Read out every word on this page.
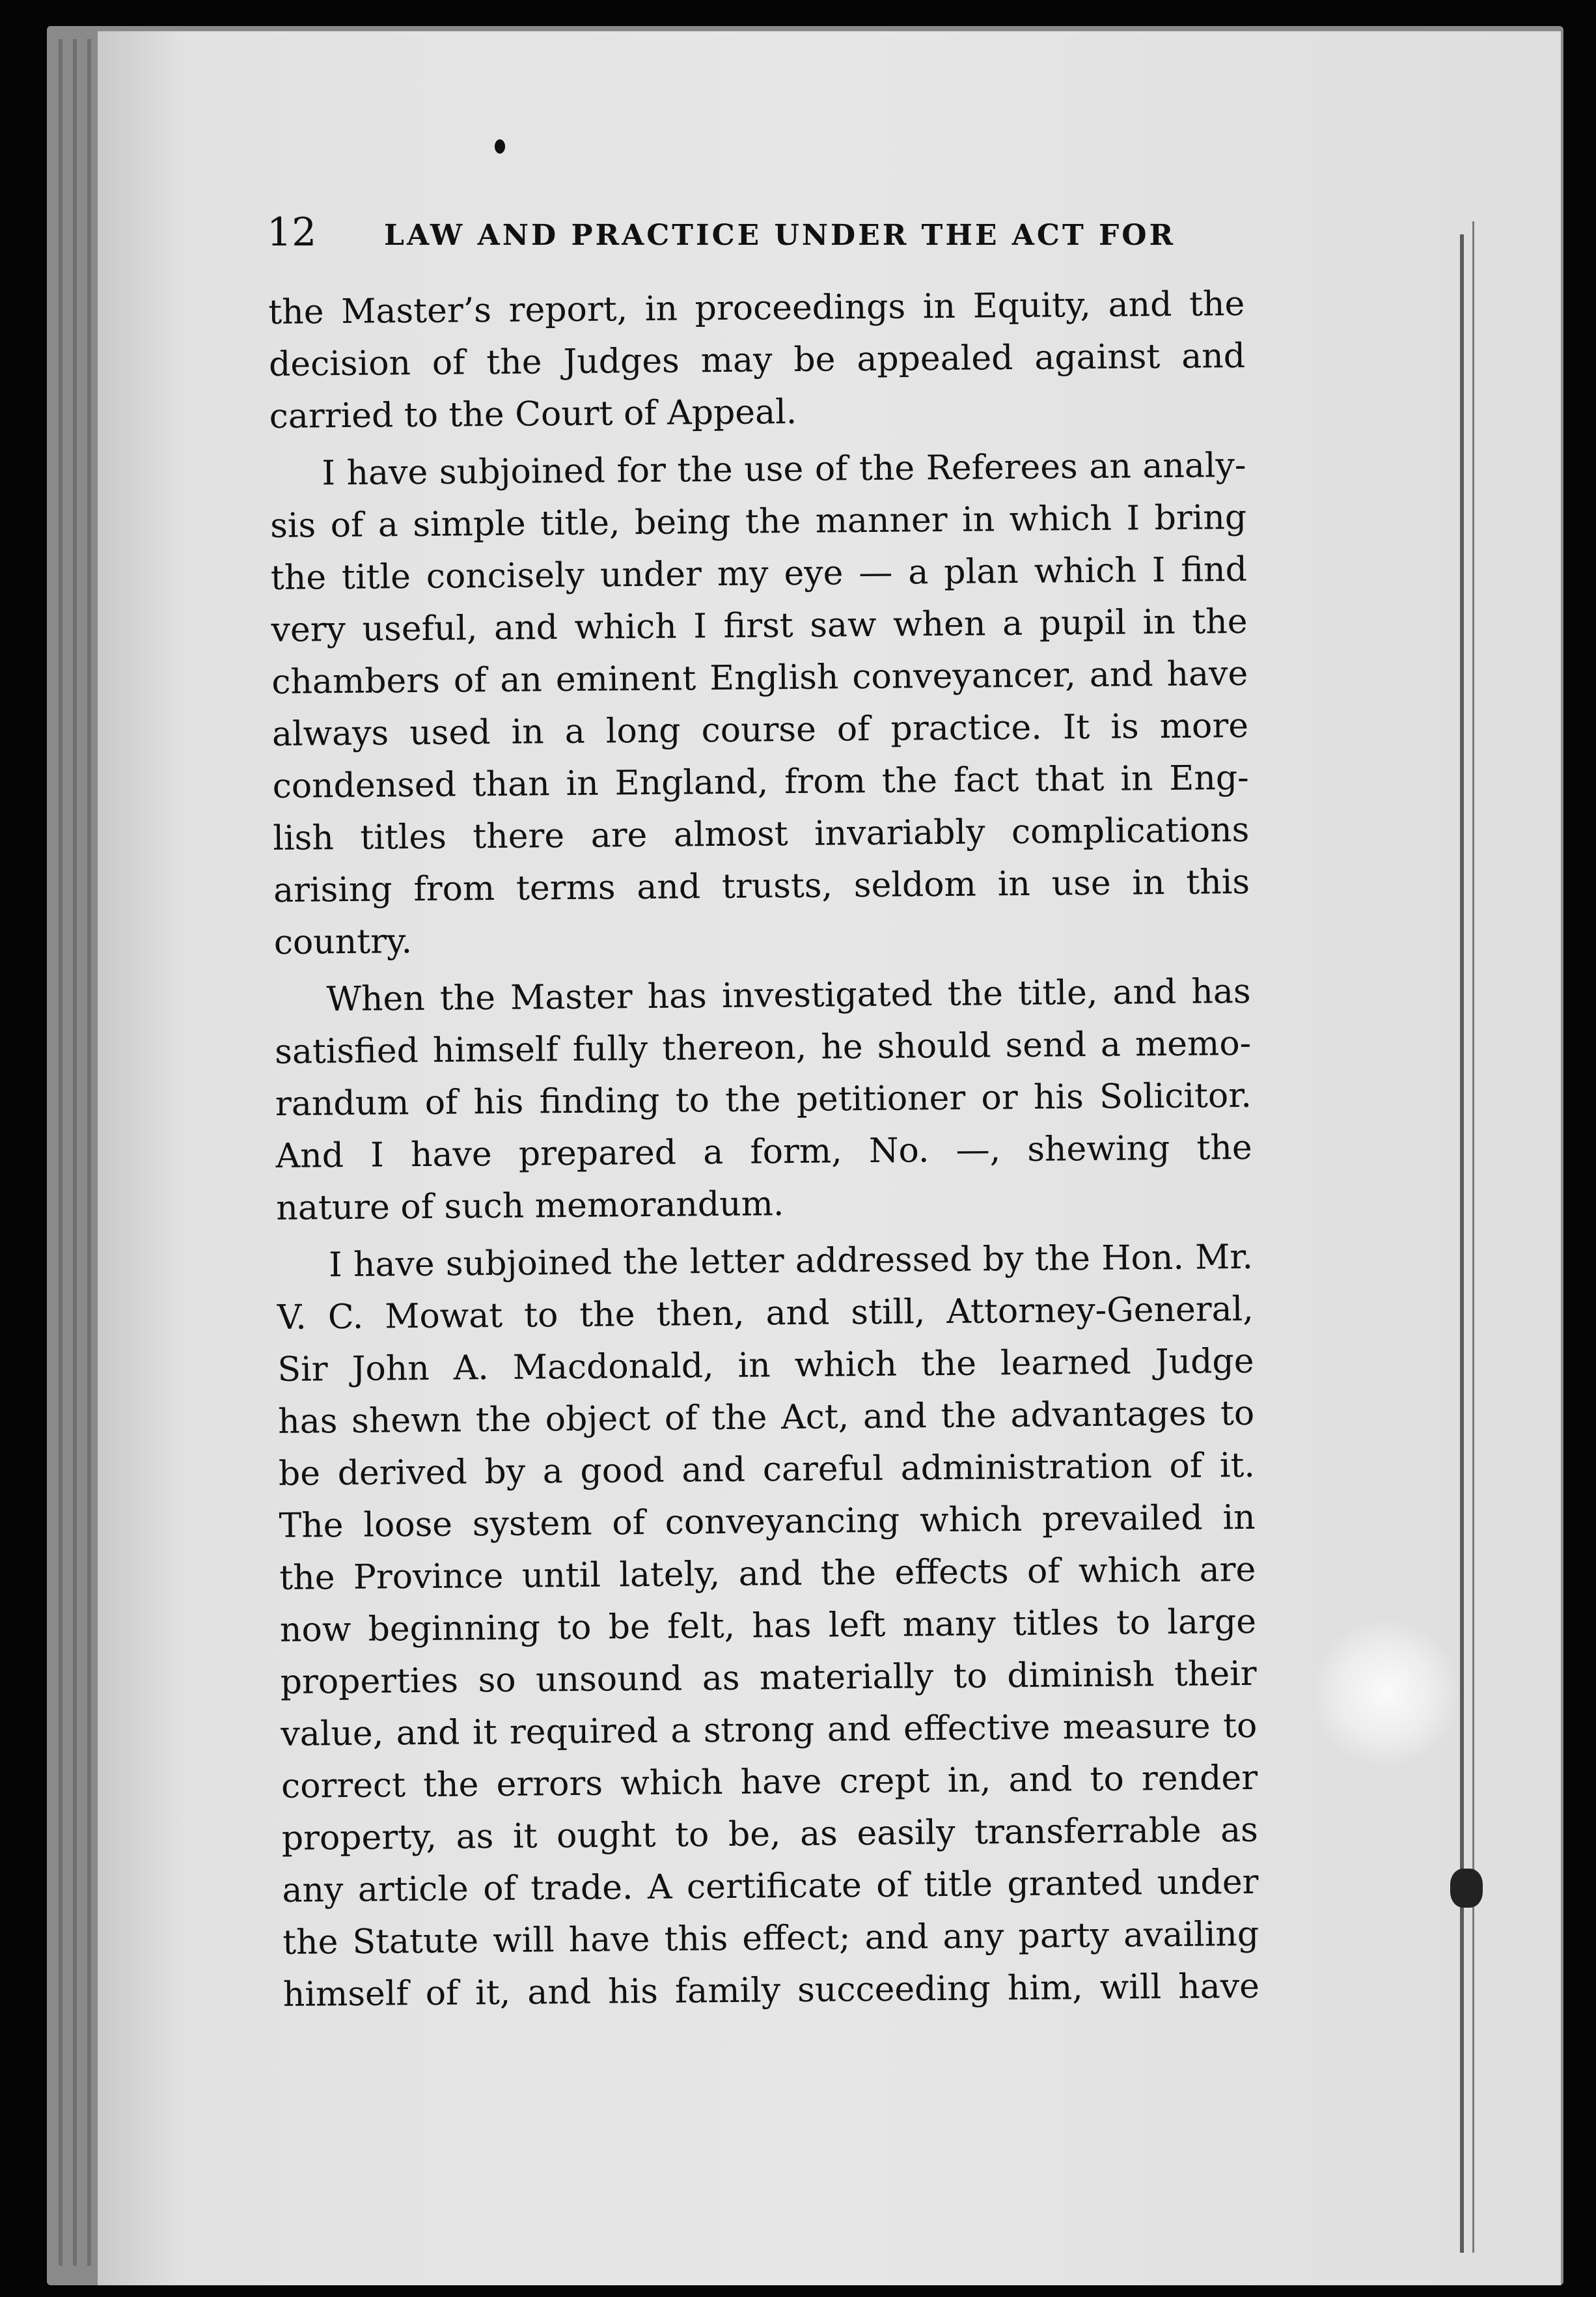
12 LAW AND PRACTICE UNDER THE ACT FOR
the Master’s report, in proceedings in Equity, and the
decision of the Judges may be appealed against and
carried to the Court of Appeal.
I have subjoined for the use of the Referees an analy-
sis of a simple title, being the manner in which I bring
the title concisely under my eye — a plan which I find
very useful, and which I first saw when a pupil in the
chambers of an eminent English conveyancer, and have
always used in a long course of practice. It is more
condensed than in England, from the fact that in Eng-
lish titles there are almost invariably complications
arising from terms and trusts, seldom in use in this
country.
When the Master has investigated the title, and has
satisfied himself fully thereon, he should send a memo-
randum of his finding to the petitioner or his Solicitor.
And I have prepared a form, No. —, shewing the
nature of such memorandum.
I have subjoined the letter addressed by the Hon. Mr.
V. C. Mowat to the then, and still, Attorney-General,
Sir John A. Macdonald, in which the learned Judge
has shewn the object of the Act, and the advantages to
be derived by a good and careful administration of it.
The loose system of conveyancing which prevailed in
the Province until lately, and the effects of which are
now beginning to be felt, has left many titles to large
properties so unsound as materially to diminish their
value, and it required a strong and effective measure to
correct the errors which have crept in, and to render
property, as it ought to be, as easily transferrable as
any article of trade. A certificate of title granted under
the Statute will have this effect; and any party availing
himself of it, and his family succeeding him, will have
